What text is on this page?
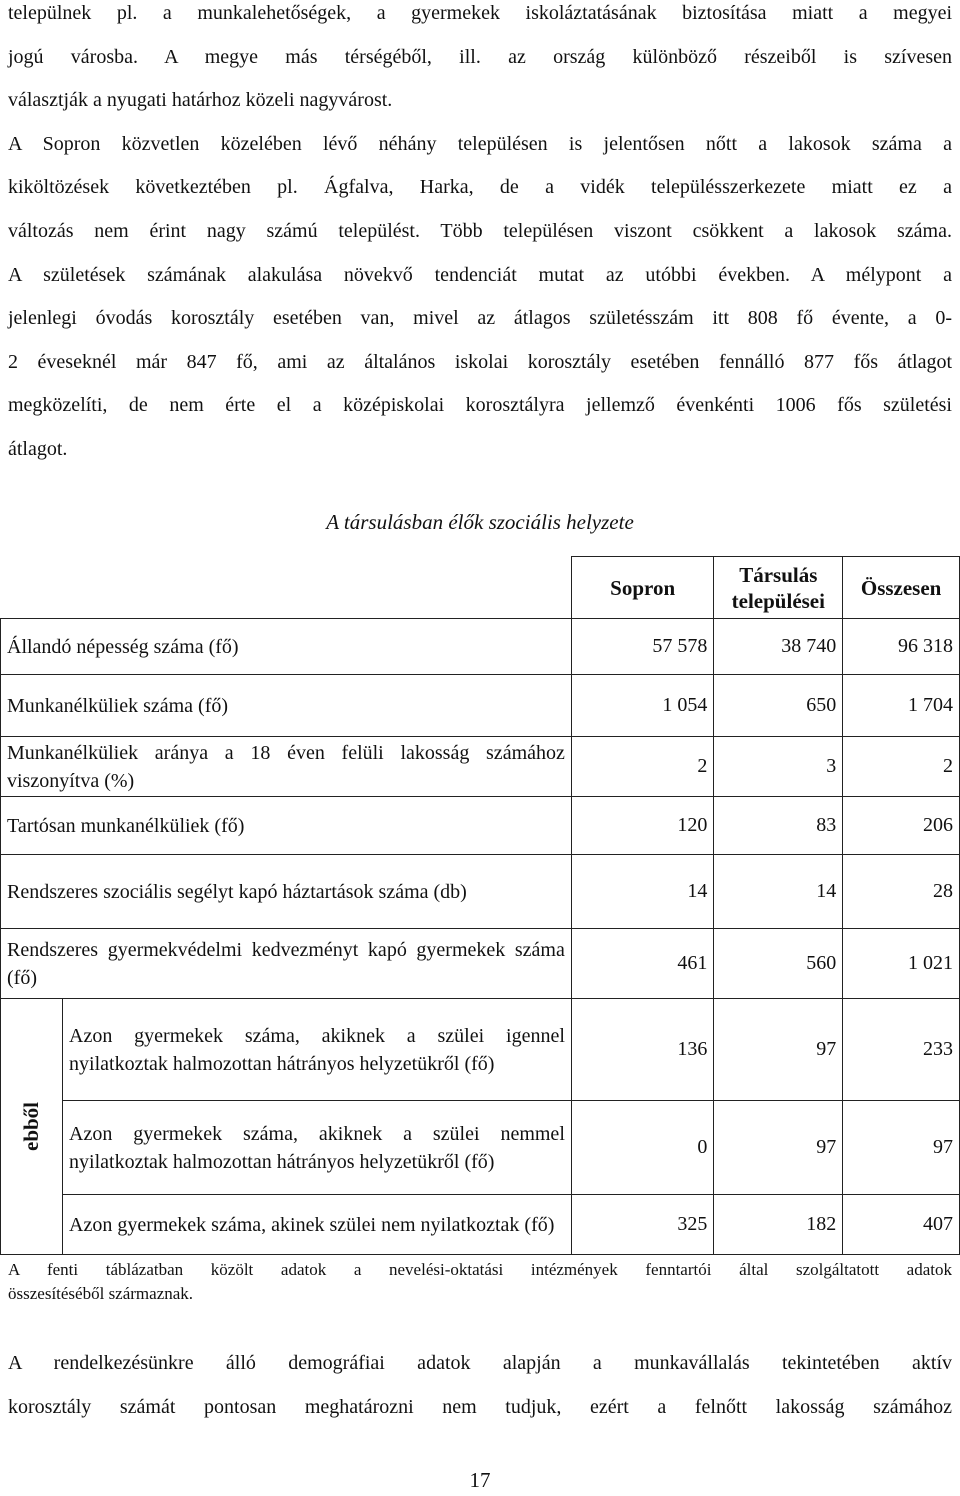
települnek pl. a munkalehetőségek, a gyermekek iskoláztatásának biztosítása miatt a megyei
jogú városba. A megye más térségéből, ill. az ország különböző részeiből is szívesen
választják a nyugati határhoz közeli nagyvárost.
A Sopron közvetlen közelében lévő néhány településen is jelentősen nőtt a lakosok száma a
kiköltözések következtében pl. Ágfalva, Harka, de a vidék településszerkezete miatt ez a
változás nem érint nagy számú települést. Több településen viszont csökkent a lakosok száma.
A születések számának alakulása növekvő tendenciát mutat az utóbbi években. A mélypont a
jelenlegi óvodás korosztály esetében van, mivel az átlagos születésszám itt 808 fő évente, a 0-
2 éveseknél már 847 fő, ami az általános iskolai korosztály esetében fennálló 877 fős átlagot
megközelíti, de nem érte el a középiskolai korosztályra jellemző évenkénti 1006 fős születési
átlagot.
A társulásban élők szociális helyzete
		Sopron	Társulás települései	Összesen
Állandó népesség száma (fő)		57 578	38 740	96 318
Munkanélküliek száma (fő)		1 054	650	1 704
Munkanélküliek aránya a 18 éven felüli lakosság számához viszonyítva (%)		2	3	2
Tartósan munkanélküliek (fő)		120	83	206
Rendszeres szociális segélyt kapó háztartások száma (db)		14	14	28
Rendszeres gyermekvédelmi kedvezményt kapó gyermekek száma (fő)		461	560	1 021
ebből	Azon gyermekek száma, akiknek a szülei igennel nyilatkoztak halmozottan hátrányos helyzetükről (fő)	136	97	233
	Azon gyermekek száma, akiknek a szülei nemmel nyilatkoztak halmozottan hátrányos helyzetükről (fő)	0	97	97
	Azon gyermekek száma, akinek szülei nem nyilatkoztak (fő)	325	182	407
A fenti táblázatban közölt adatok a nevelési-oktatási intézmények fenntartói által szolgáltatott adatok
összesítéséből származnak.
A rendelkezésünkre álló demográfiai adatok alapján a munkavállalás tekintetében aktív
korosztály számát pontosan meghatározni nem tudjuk, ezért a felnőtt lakosság számához
17
